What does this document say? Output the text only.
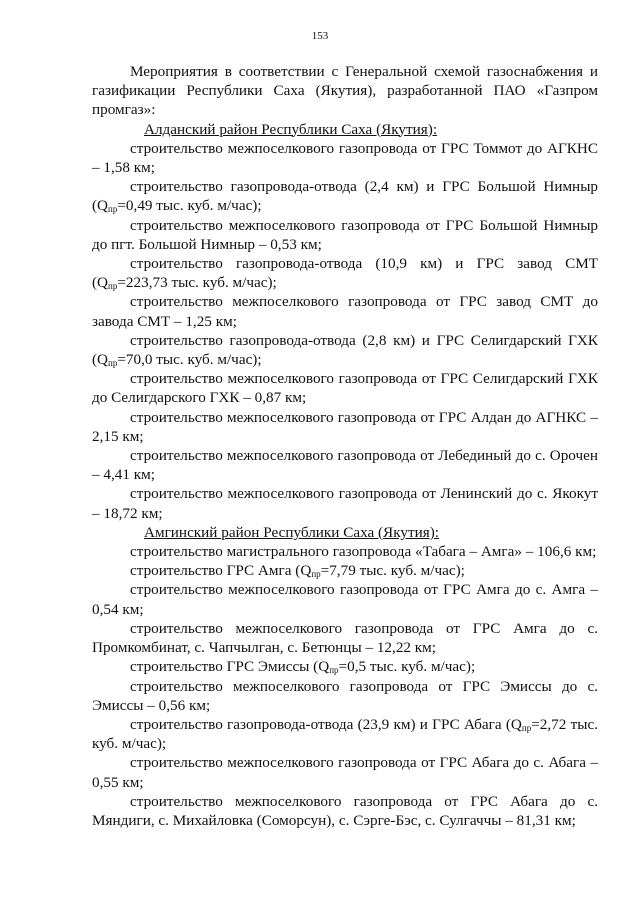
153

Мероприятия в соответствии с Генеральной схемой газоснабжения и газификации Республики Саха (Якутия), разработанной ПАО «Газпром промгаз»:

Алданский район Республики Саха (Якутия):

строительство межпоселкового газопровода от ГРС Томмот до АГКНС – 1,58 км;

строительство газопровода-отвода (2,4 км) и ГРС Большой Нимныр ($Q_{пр}=0,49$ тыс. куб. м/час);

строительство межпоселкового газопровода от ГРС Большой Нимныр до пгт. Большой Нимныр – 0,53 км;

строительство газопровода-отвода (10,9 км) и ГРС завод СМТ ($Q_{пр}=223,73$ тыс. куб. м/час);

строительство межпоселкового газопровода от ГРС завод СМТ до завода СМТ – 1,25 км;

строительство газопровода-отвода (2,8 км) и ГРС Селигдарский ГХК ($Q_{пр}=70,0$ тыс. куб. м/час);

строительство межпоселкового газопровода от ГРС Селигдарский ГХК до Селигдарского ГХК – 0,87 км;

строительство межпоселкового газопровода от ГРС Алдан до АГНКС – 2,15 км;

строительство межпоселкового газопровода от Лебединый до с. Орочен – 4,41 км;

строительство межпоселкового газопровода от Ленинский до с. Якокут – 18,72 км;

Амгинский район Республики Саха (Якутия):

строительство магистрального газопровода «Табага – Амга» – 106,6 км;

строительство ГРС Амга ($Q_{пр}=7,79$ тыс. куб. м/час);

строительство межпоселкового газопровода от ГРС Амга до с. Амга – 0,54 км;

строительство межпоселкового газопровода от ГРС Амга до с. Промкомбинат, с. Чапчылган, с. Бетюнцы – 12,22 км;

строительство ГРС Эмиссы ($Q_{пр}=0,5$ тыс. куб. м/час);

строительство межпоселкового газопровода от ГРС Эмиссы до с. Эмиссы – 0,56 км;

строительство газопровода-отвода (23,9 км) и ГРС Абага ($Q_{пр}=2,72$ тыс. куб. м/час);

строительство межпоселкового газопровода от ГРС Абага до с. Абага – 0,55 км;

строительство межпоселкового газопровода от ГРС Абага до с. Мяндиги, с. Михайловка (Соморсун), с. Сэрге-Бэс, с. Сулгаччы – 81,31 км;
